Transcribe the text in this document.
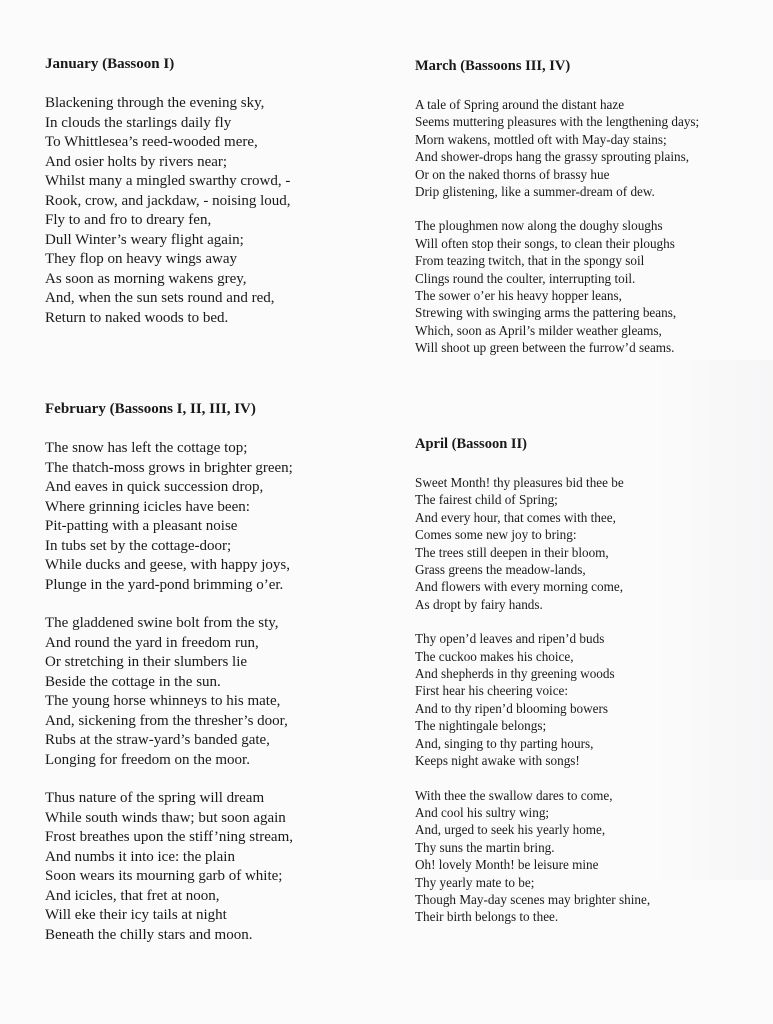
January (Bassoon I)
Blackening through the evening sky,
In clouds the starlings daily fly
To Whittlesea’s reed-wooded mere,
And osier holts by rivers near;
Whilst many a mingled swarthy crowd, -
Rook, crow, and jackdaw, - noising loud,
Fly to and fro to dreary fen,
Dull Winter’s weary flight again;
They flop on heavy wings away
As soon as morning wakens grey,
And, when the sun sets round and red,
Return to naked woods to bed.
February (Bassoons I, II, III, IV)
The snow has left the cottage top;
The thatch-moss grows in brighter green;
And eaves in quick succession drop,
Where grinning icicles have been:
Pit-patting with a pleasant noise
In tubs set by the cottage-door;
While ducks and geese, with happy joys,
Plunge in the yard-pond brimming o’er.
The gladdened swine bolt from the sty,
And round the yard in freedom run,
Or stretching in their slumbers lie
Beside the cottage in the sun.
The young horse whinneys to his mate,
And, sickening from the thresher’s door,
Rubs at the straw-yard’s banded gate,
Longing for freedom on the moor.
Thus nature of the spring will dream
While south winds thaw; but soon again
Frost breathes upon the stiff’ning stream,
And numbs it into ice: the plain
Soon wears its mourning garb of white;
And icicles, that fret at noon,
Will eke their icy tails at night
Beneath the chilly stars and moon.
March (Bassoons III, IV)
A tale of Spring around the distant haze
Seems muttering pleasures with the lengthening days;
Morn wakens, mottled oft with May-day stains;
And shower-drops hang the grassy sprouting plains,
Or on the naked thorns of brassy hue
Drip glistening, like a summer-dream of dew.
The ploughmen now along the doughy sloughs
Will often stop their songs, to clean their ploughs
From teazing twitch, that in the spongy soil
Clings round the coulter, interrupting toil.
The sower o’er his heavy hopper leans,
Strewing with swinging arms the pattering beans,
Which, soon as April’s milder weather gleams,
Will shoot up green between the furrow’d seams.
April (Bassoon II)
Sweet Month! thy pleasures bid thee be
The fairest child of Spring;
And every hour, that comes with thee,
Comes some new joy to bring:
The trees still deepen in their bloom,
Grass greens the meadow-lands,
And flowers with every morning come,
As dropt by fairy hands.
Thy open’d leaves and ripen’d buds
The cuckoo makes his choice,
And shepherds in thy greening woods
First hear his cheering voice:
And to thy ripen’d blooming bowers
The nightingale belongs;
And, singing to thy parting hours,
Keeps night awake with songs!
With thee the swallow dares to come,
And cool his sultry wing;
And, urged to seek his yearly home,
Thy suns the martin bring.
Oh! lovely Month! be leisure mine
Thy yearly mate to be;
Though May-day scenes may brighter shine,
Their birth belongs to thee.
